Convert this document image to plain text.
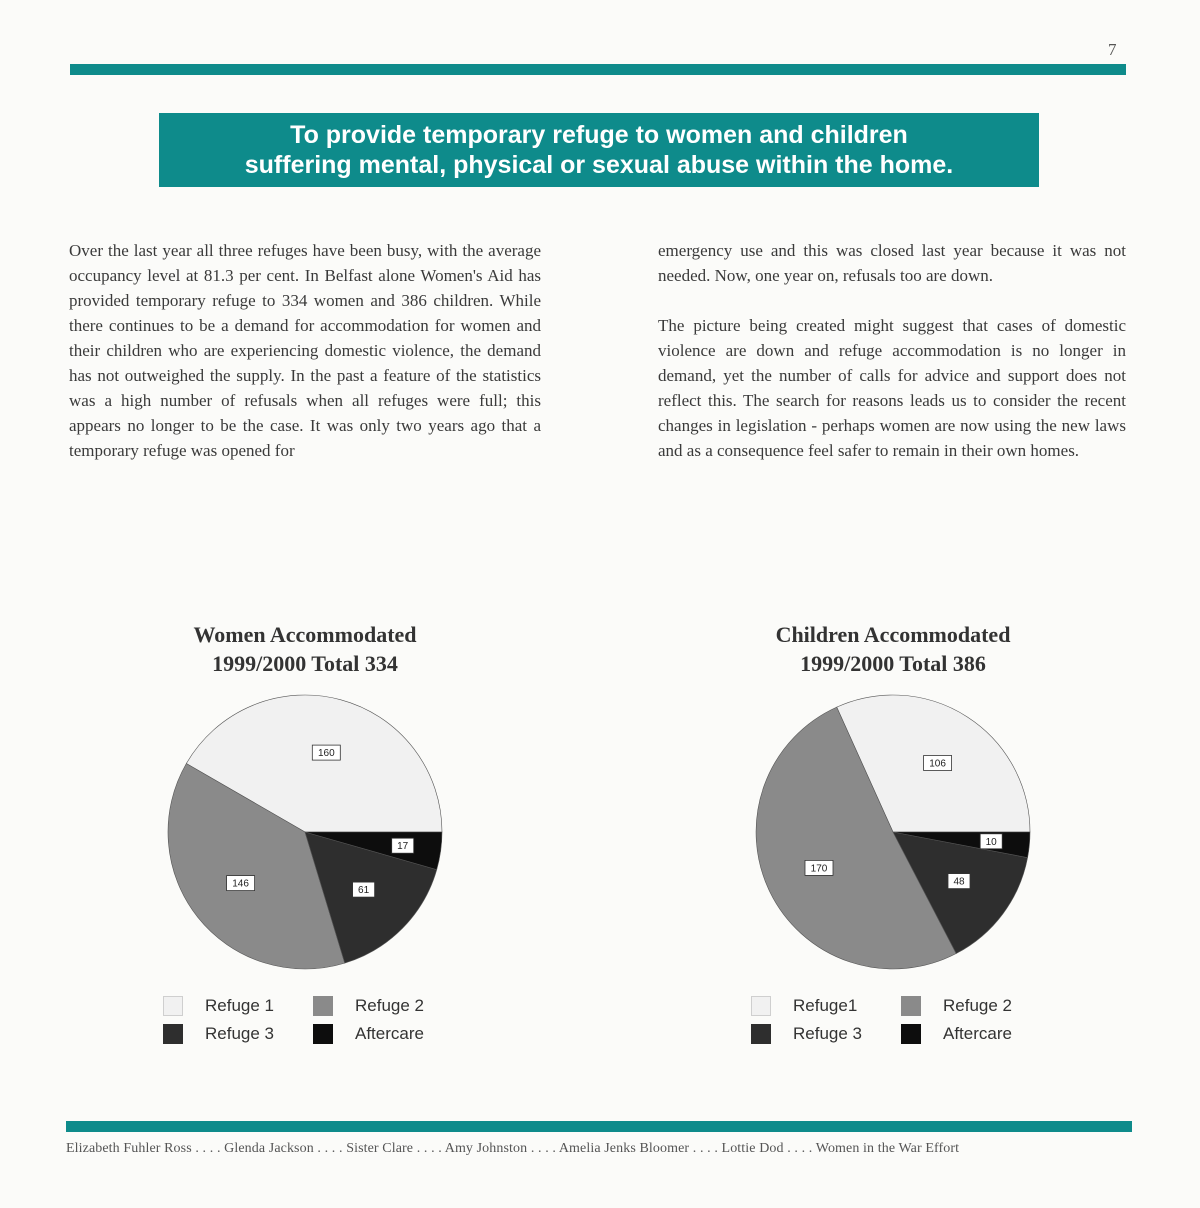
7
To provide temporary refuge to women and children
suffering mental, physical or sexual abuse within the home.

Over the last year all three refuges have been busy, with the average occupancy level at 81.3 per cent. In Belfast alone Women's Aid has provided temporary refuge to 334 women and 386 children. While there continues to be a demand for accommodation for women and their children who are experiencing domestic violence, the demand has not outweighed the supply. In the past a feature of the statistics was a high number of refusals when all refuges were full; this appears no longer to be the case. It was only two years ago that a temporary refuge was opened for

emergency use and this was closed last year because it was not needed. Now, one year on, refusals too are down.

The picture being created might suggest that cases of domestic violence are down and refuge accommodation is no longer in demand, yet the number of calls for advice and support does not reflect this. The search for reasons leads us to consider the recent changes in legislation - perhaps women are now using the new laws and as a consequence feel safer to remain in their own homes.

Women Accommodated
1999/2000 Total 334
160
146
61
17
Refuge 1	Refuge 2
Refuge 3	Aftercare
Children Accommodated
1999/2000 Total 386
106
170
48
10
Refuge1	Refuge 2
Refuge 3	Aftercare
Elizabeth Fuhler Ross . . . . Glenda Jackson . . . . Sister Clare . . . . Amy Johnston . . . . Amelia Jenks Bloomer . . . . Lottie Dod . . . . Women in the War Effort
